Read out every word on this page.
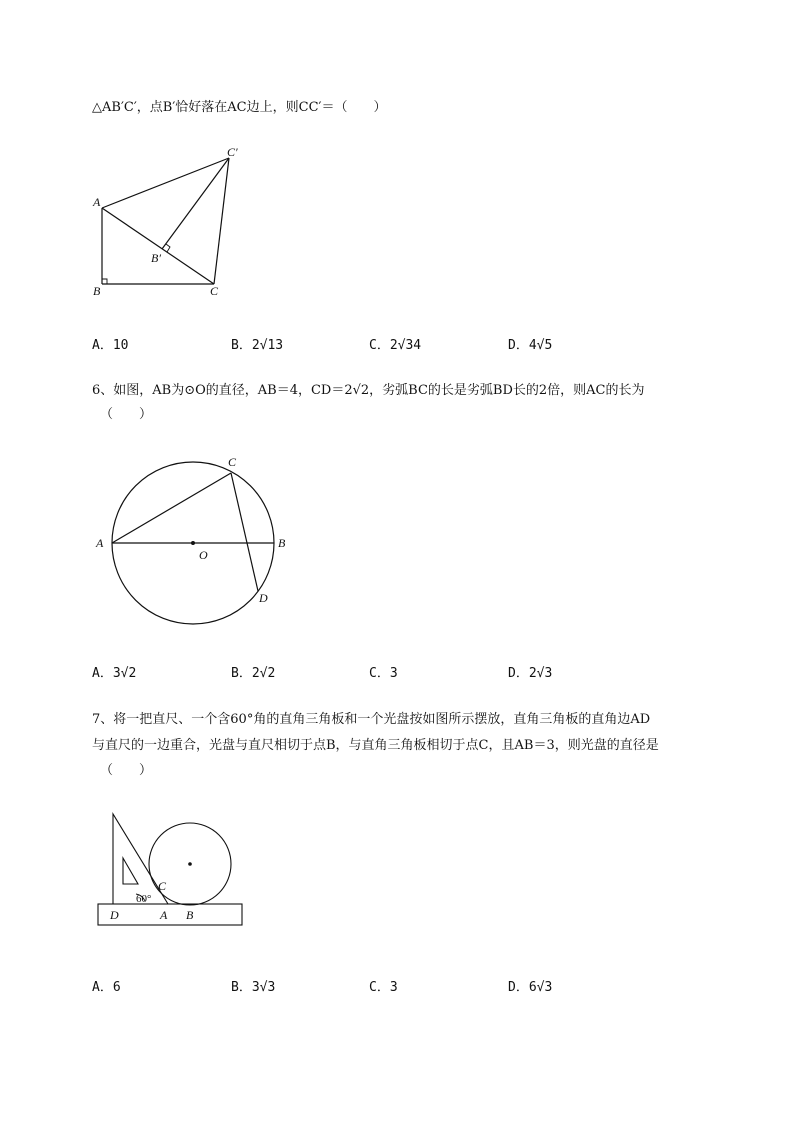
△AB′C′，点B′恰好落在AC边上，则CC′＝（　　）
A
B	C
B′
C′
A．10	B．2√13	C．2√34	D．4√5
6、如图，AB为⊙O的直径，AB＝4，CD＝2√2，劣弧BC的长是劣弧BD长的2倍，则AC的长为
（　　）
A	B
C
D
O
A．3√2	B．2√2	C．3	D．2√3
7、将一把直尺、一个含60°角的直角三角板和一个光盘按如图所示摆放，直角三角板的直角边AD
与直尺的一边重合，光盘与直尺相切于点B，与直角三角板相切于点C，且AB＝3，则光盘的直径是
（　　）
D	A B
C
60°
A．6	B．3√3	C．3	D．6√3
